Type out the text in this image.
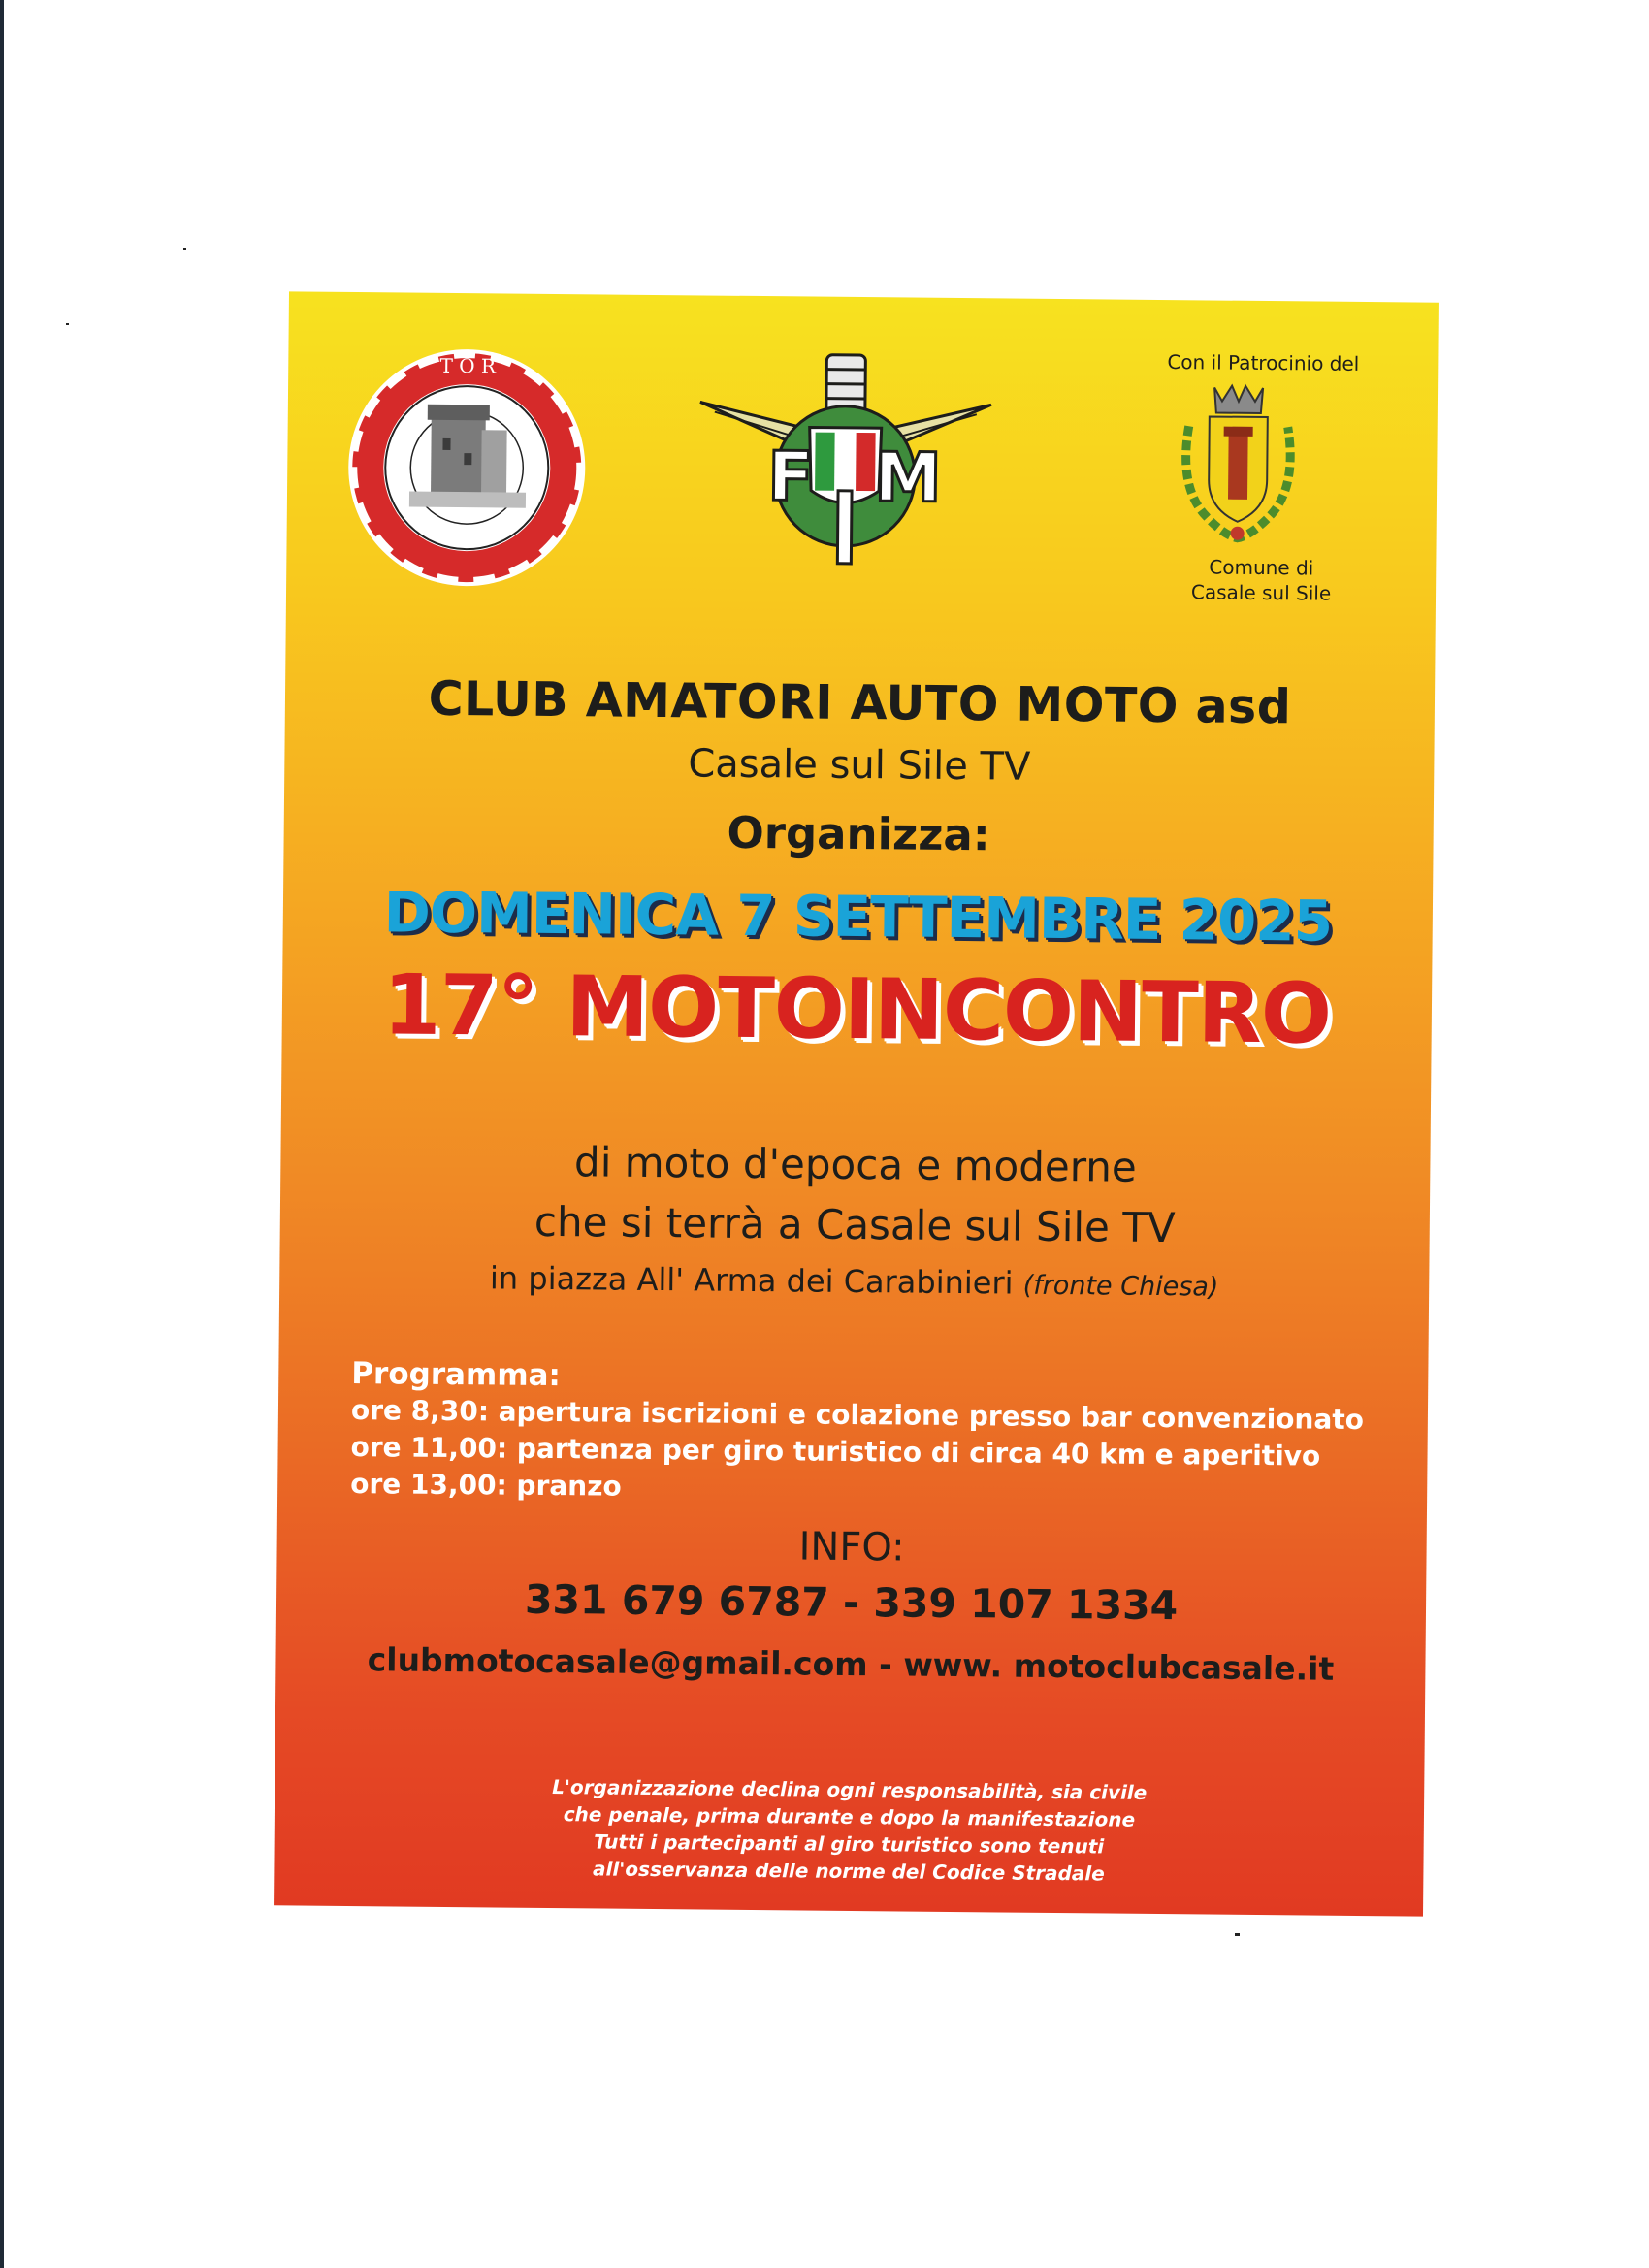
T O R
F M
Con il Patrocinio del
Comune di
Casale sul Sile
CLUB AMATORI AUTO MOTO asd
Casale sul Sile TV
Organizza:
DOMENICA 7 SETTEMBRE 2025
17° MOTOINCONTRO
di moto d'epoca e moderne
che si terrà a Casale sul Sile TV
in piazza All' Arma dei Carabinieri (fronte Chiesa)
Programma:
ore 8,30: apertura iscrizioni e colazione presso bar convenzionato
ore 11,00: partenza per giro turistico di circa 40 km e aperitivo
ore 13,00: pranzo
INFO:
331 679 6787 - 339 107 1334
clubmotocasale@gmail.com - www. motoclubcasale.it
L'organizzazione declina ogni responsabilità, sia civile
che penale, prima durante e dopo la manifestazione
Tutti i partecipanti al giro turistico sono tenuti
all'osservanza delle norme del Codice Stradale
